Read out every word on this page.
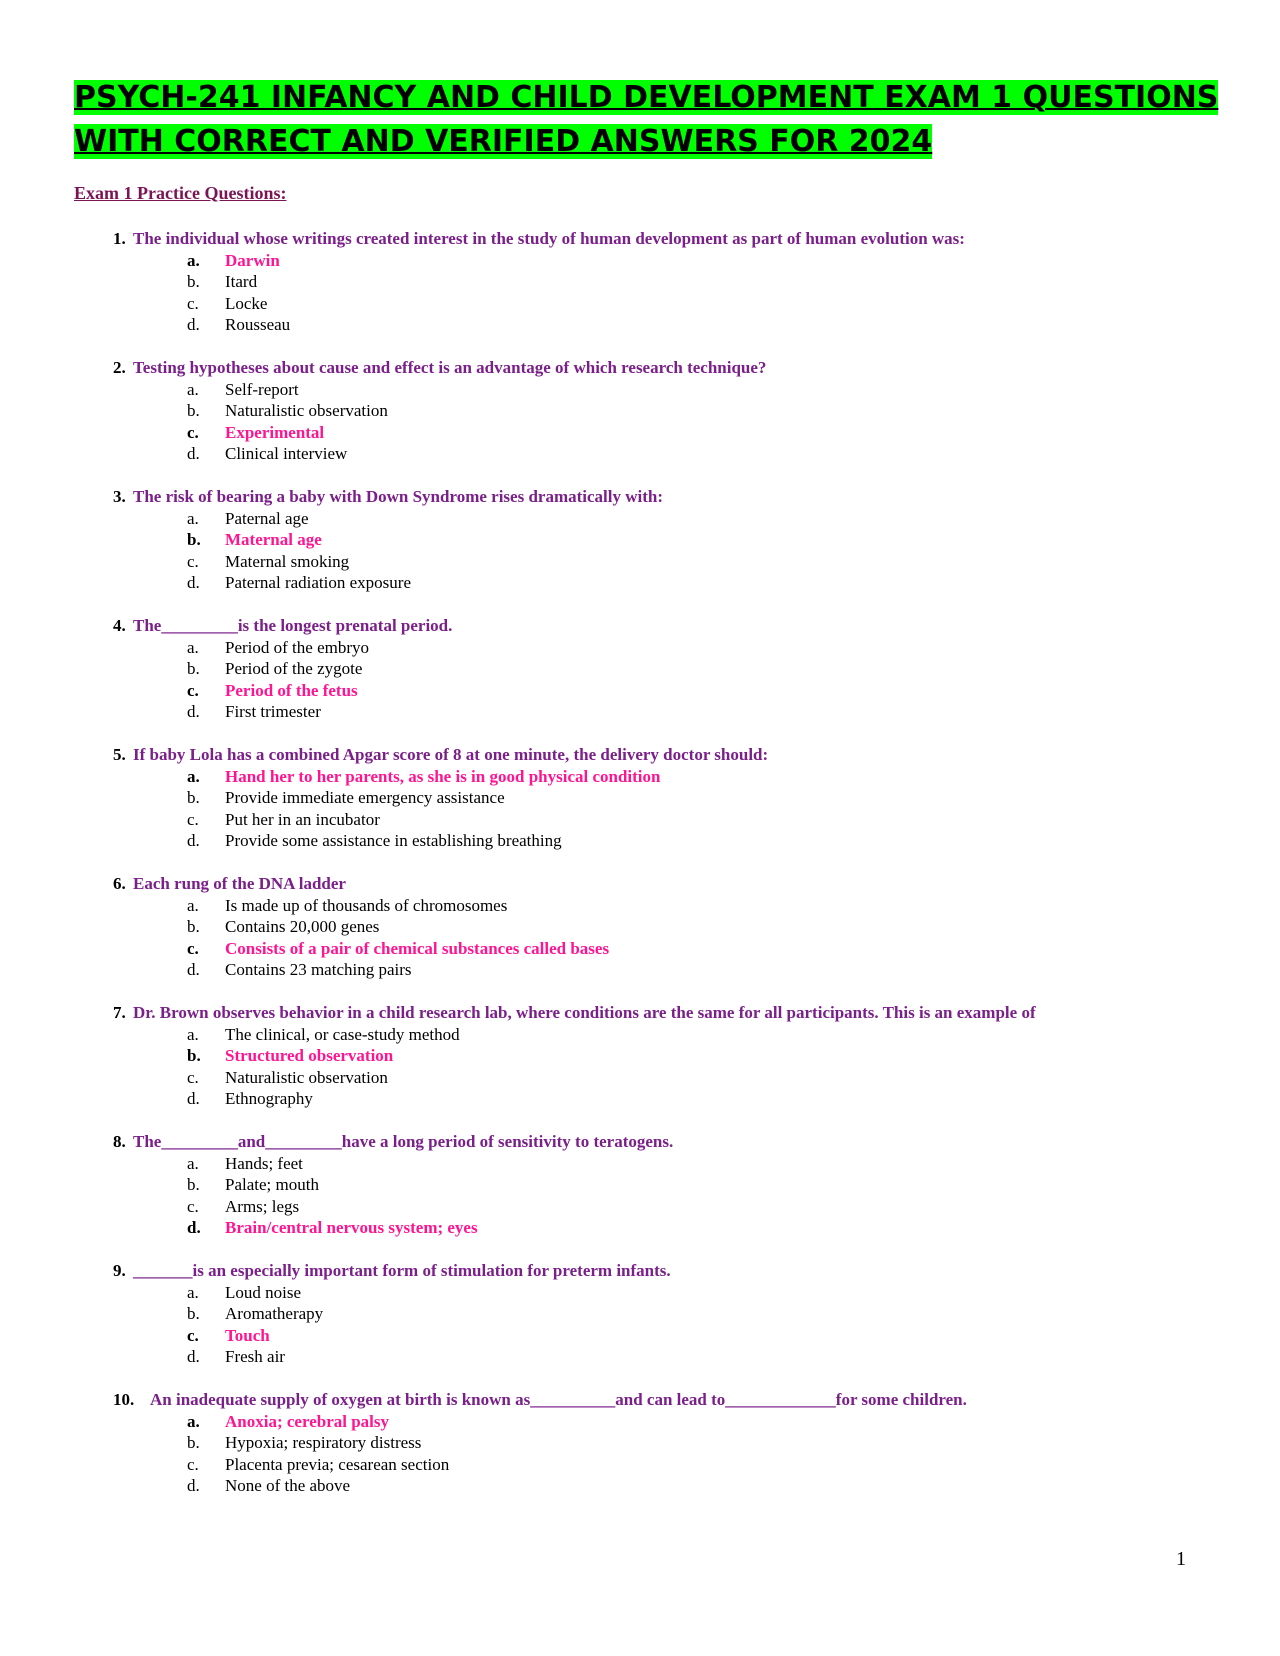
PSYCH-241 INFANCY AND CHILD DEVELOPMENT EXAM 1 QUESTIONS
WITH CORRECT AND VERIFIED ANSWERS FOR 2024
Exam 1 Practice Questions:
1. The individual whose writings created interest in the study of human development as part of human evolution was:
a. Darwin
b. Itard
c. Locke
d. Rousseau
2. Testing hypotheses about cause and effect is an advantage of which research technique?
a. Self-report
b. Naturalistic observation
c. Experimental
d. Clinical interview
3. The risk of bearing a baby with Down Syndrome rises dramatically with:
a. Paternal age
b. Maternal age
c. Maternal smoking
d. Paternal radiation exposure
4. The_________is the longest prenatal period.
a. Period of the embryo
b. Period of the zygote
c. Period of the fetus
d. First trimester
5. If baby Lola has a combined Apgar score of 8 at one minute, the delivery doctor should:
a. Hand her to her parents, as she is in good physical condition
b. Provide immediate emergency assistance
c. Put her in an incubator
d. Provide some assistance in establishing breathing
6. Each rung of the DNA ladder
a. Is made up of thousands of chromosomes
b. Contains 20,000 genes
c. Consists of a pair of chemical substances called bases
d. Contains 23 matching pairs
7. Dr. Brown observes behavior in a child research lab, where conditions are the same for all participants. This is an example of
a. The clinical, or case-study method
b. Structured observation
c. Naturalistic observation
d. Ethnography
8. The_________and_________have a long period of sensitivity to teratogens.
a. Hands; feet
b. Palate; mouth
c. Arms; legs
d. Brain/central nervous system; eyes
9. _______is an especially important form of stimulation for preterm infants.
a. Loud noise
b. Aromatherapy
c. Touch
d. Fresh air
10. An inadequate supply of oxygen at birth is known as__________and can lead to_____________for some children.
a. Anoxia; cerebral palsy
b. Hypoxia; respiratory distress
c. Placenta previa; cesarean section
d. None of the above
1
